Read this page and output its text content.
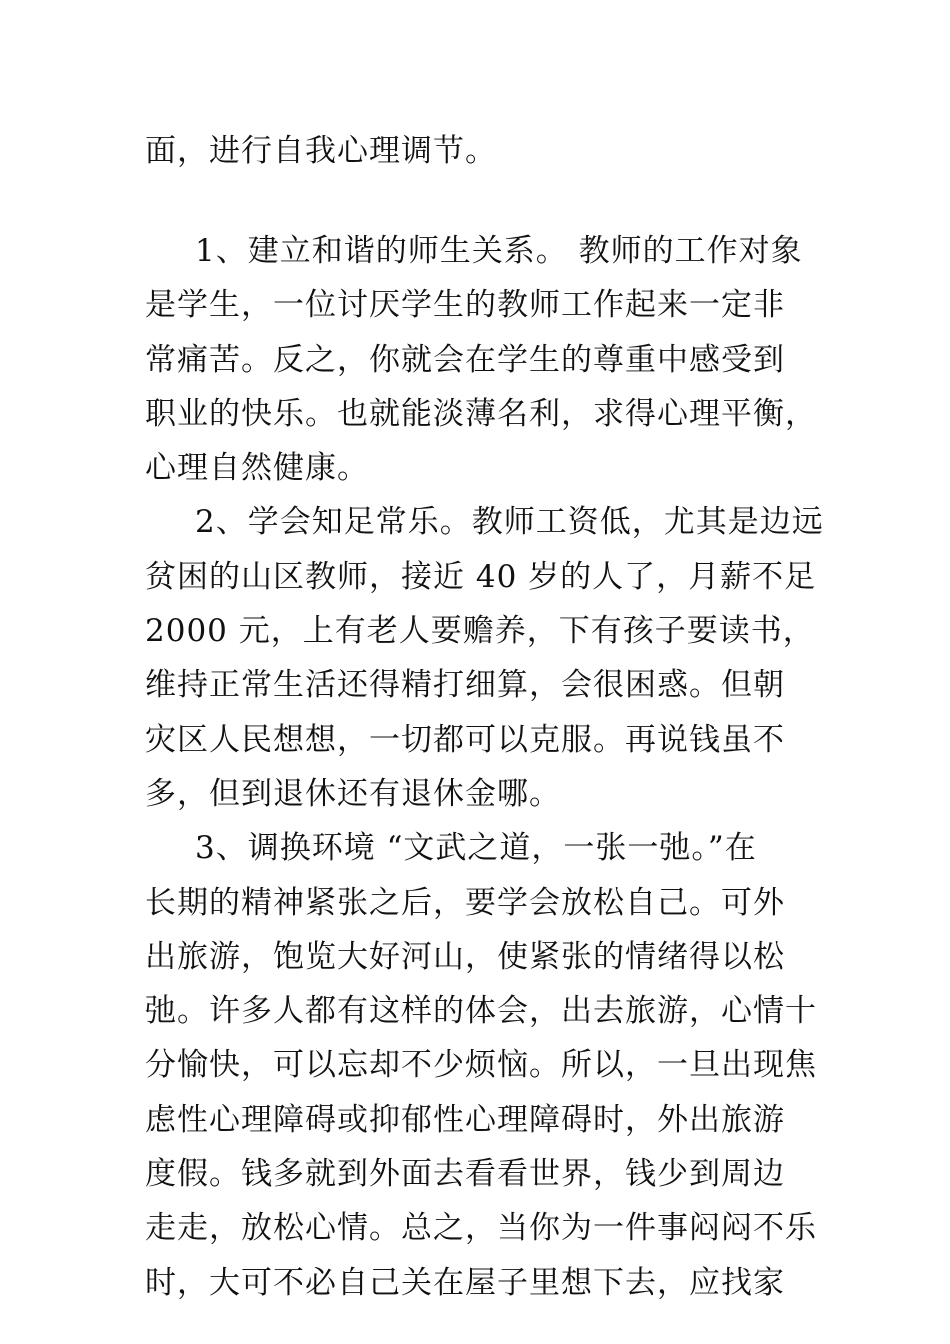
面，进行自我心理调节。
1、建立和谐的师生关系。 教师的工作对象
是学生，一位讨厌学生的教师工作起来一定非
常痛苦。反之，你就会在学生的尊重中感受到
职业的快乐。也就能淡薄名利，求得心理平衡，
心理自然健康。
2、学会知足常乐。教师工资低，尤其是边远
贫困的山区教师，接近 40 岁的人了，月薪不足
2000 元，上有老人要赡养，下有孩子要读书，
维持正常生活还得精打细算，会很困惑。但朝
灾区人民想想，一切都可以克服。再说钱虽不
多，但到退休还有退休金哪。
3、调换环境 “文武之道，一张一弛。”在
长期的精神紧张之后，要学会放松自己。可外
出旅游，饱览大好河山，使紧张的情绪得以松
弛。许多人都有这样的体会，出去旅游，心情十
分愉快，可以忘却不少烦恼。所以，一旦出现焦
虑性心理障碍或抑郁性心理障碍时，外出旅游
度假。钱多就到外面去看看世界，钱少到周边
走走，放松心情。总之，当你为一件事闷闷不乐
时，大可不必自己关在屋子里想下去，应找家
